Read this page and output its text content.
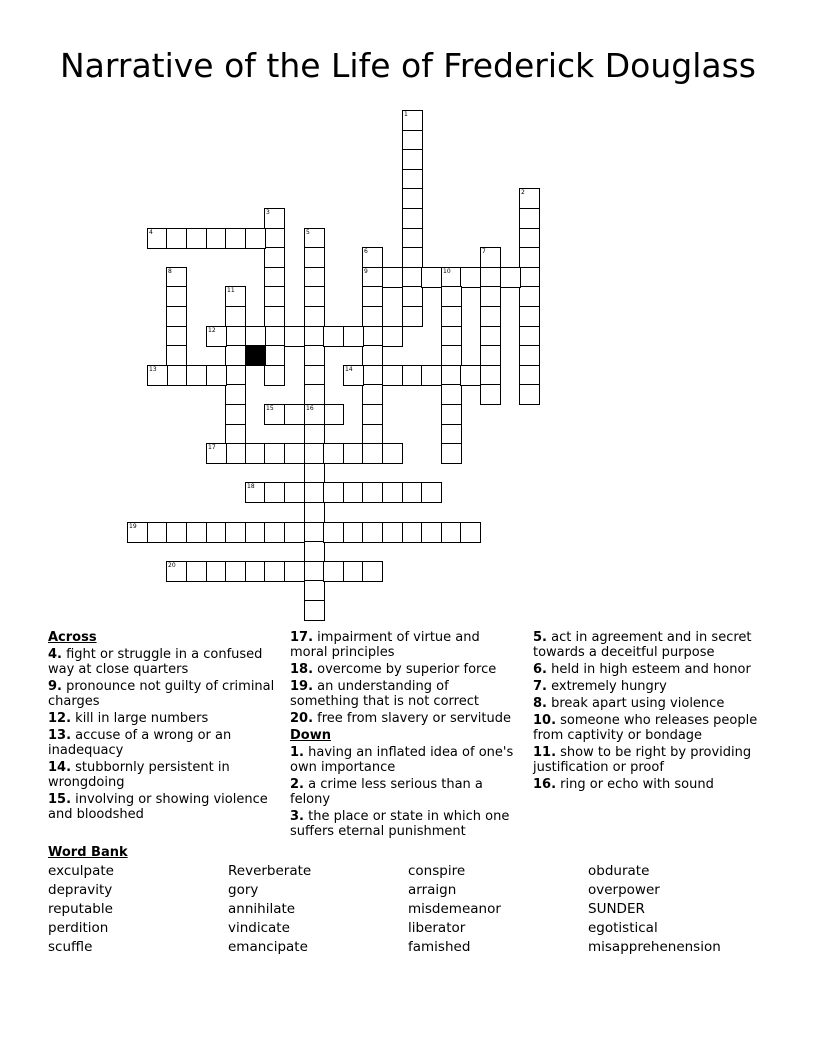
Narrative of the Life of Frederick Douglass
1
2
3
4	5
6
9
7
8	10
11
12
13	14
15	16
17
18
19
20
Across
4. fight or struggle in a confused way at close quarters
9. pronounce not guilty of criminal charges
12. kill in large numbers
13. accuse of a wrong or an inadequacy
14. stubbornly persistent in wrongdoing
15. involving or showing violence and bloodshed
17. impairment of virtue and moral principles
18. overcome by superior force
19. an understanding of something that is not correct
20. free from slavery or servitude
Down
1. having an inflated idea of one's own importance
2. a crime less serious than a felony
3. the place or state in which one suffers eternal punishment
5. act in agreement and in secret towards a deceitful purpose
6. held in high esteem and honor
7. extremely hungry
8. break apart using violence
10. someone who releases people from captivity or bondage
11. show to be right by providing justification or proof
16. ring or echo with sound
Word Bank
exculpate	Reverberate	conspire	obdurate
depravity	gory	arraign	overpower
reputable	annihilate	misdemeanor	SUNDER
perdition	vindicate	liberator	egotistical
scuffle	emancipate	famished	misapprehenension
